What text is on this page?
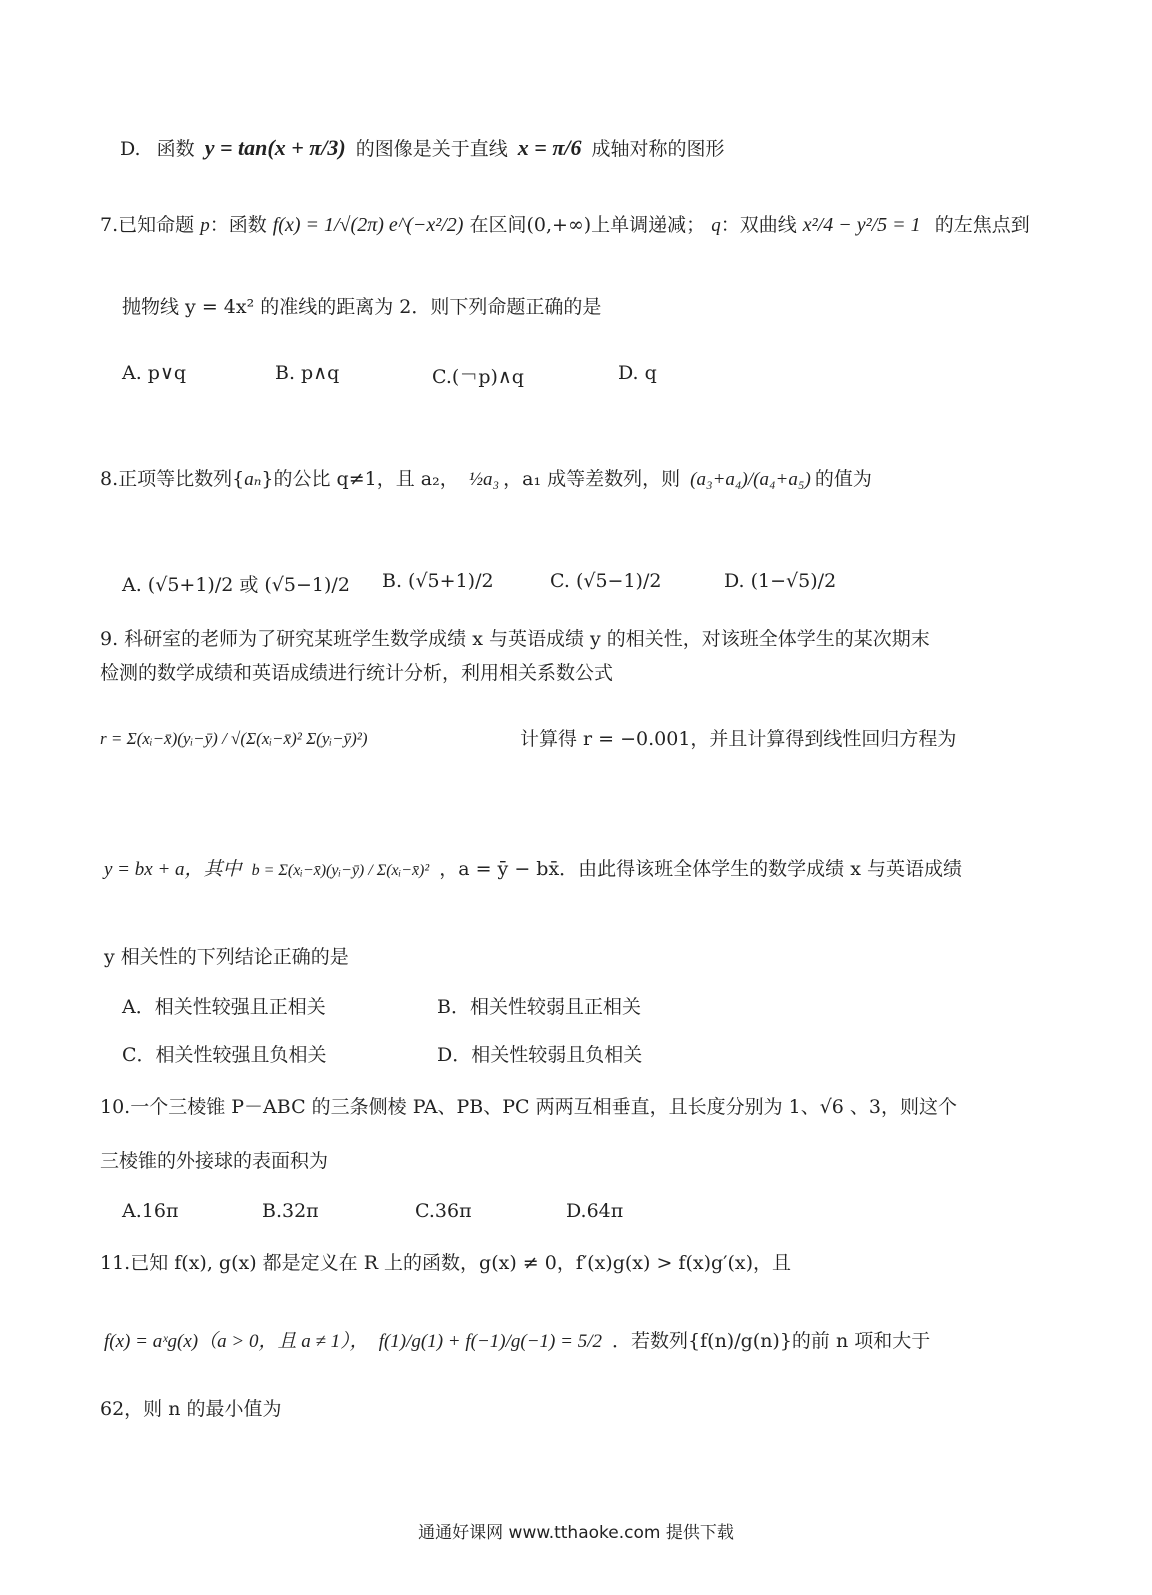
D. 函数 y = tan(x + π/3) 的图像是关于直线 x = π/6 成轴对称的图形
7.已知命题 p：函数 f(x) = 1/√(2π) e^(−x²/2) 在区间(0,+∞)上单调递减； q：双曲线 x²/4 − y²/5 = 1 的左焦点到
抛物线 y = 4x² 的准线的距离为 2．则下列命题正确的是
A. p∨q	B. p∧q	C.(￢p)∧q	D. q
8.正项等比数列{aₙ}的公比 q≠1，且 a₂， ½a₃ ，a₁ 成等差数列，则 (a₃+a₄)/(a₄+a₅) 的值为
A. (√5+1)/2 或 (√5−1)/2 B. (√5+1)/2	C. (√5−1)/2	D. (1−√5)/2
9. 科研室的老师为了研究某班学生数学成绩 x 与英语成绩 y 的相关性，对该班全体学生的某次期末
检测的数学成绩和英语成绩进行统计分析，利用相关系数公式
r = Σ(xᵢ−x̄)(yᵢ−ȳ) / √(Σ(xᵢ−x̄)² Σ(yᵢ−ȳ)²)	计算得 r = −0.001，并且计算得到线性回归方程为
y = bx + a，其中 b = Σ(xᵢ−x̄)(yᵢ−ȳ) / Σ(xᵢ−x̄)² ，a = ȳ − bx̄．由此得该班全体学生的数学成绩 x 与英语成绩
y 相关性的下列结论正确的是
A．相关性较强且正相关	B．相关性较弱且正相关
C．相关性较强且负相关	D．相关性较弱且负相关
10.一个三棱锥 P－ABC 的三条侧棱 PA、PB、PC 两两互相垂直，且长度分别为 1、√6 、3，则这个
三棱锥的外接球的表面积为
A.16π	B.32π	C.36π	D.64π
11.已知 f(x), g(x) 都是定义在 R 上的函数，g(x) ≠ 0，f′(x)g(x) > f(x)g′(x)，且
f(x) = aˣg(x)（a > 0，且 a ≠ 1）， f(1)/g(1) + f(−1)/g(−1) = 5/2 ．若数列{f(n)/g(n)}的前 n 项和大于
62，则 n 的最小值为
通通好课网 www.tthaoke.com 提供下载
